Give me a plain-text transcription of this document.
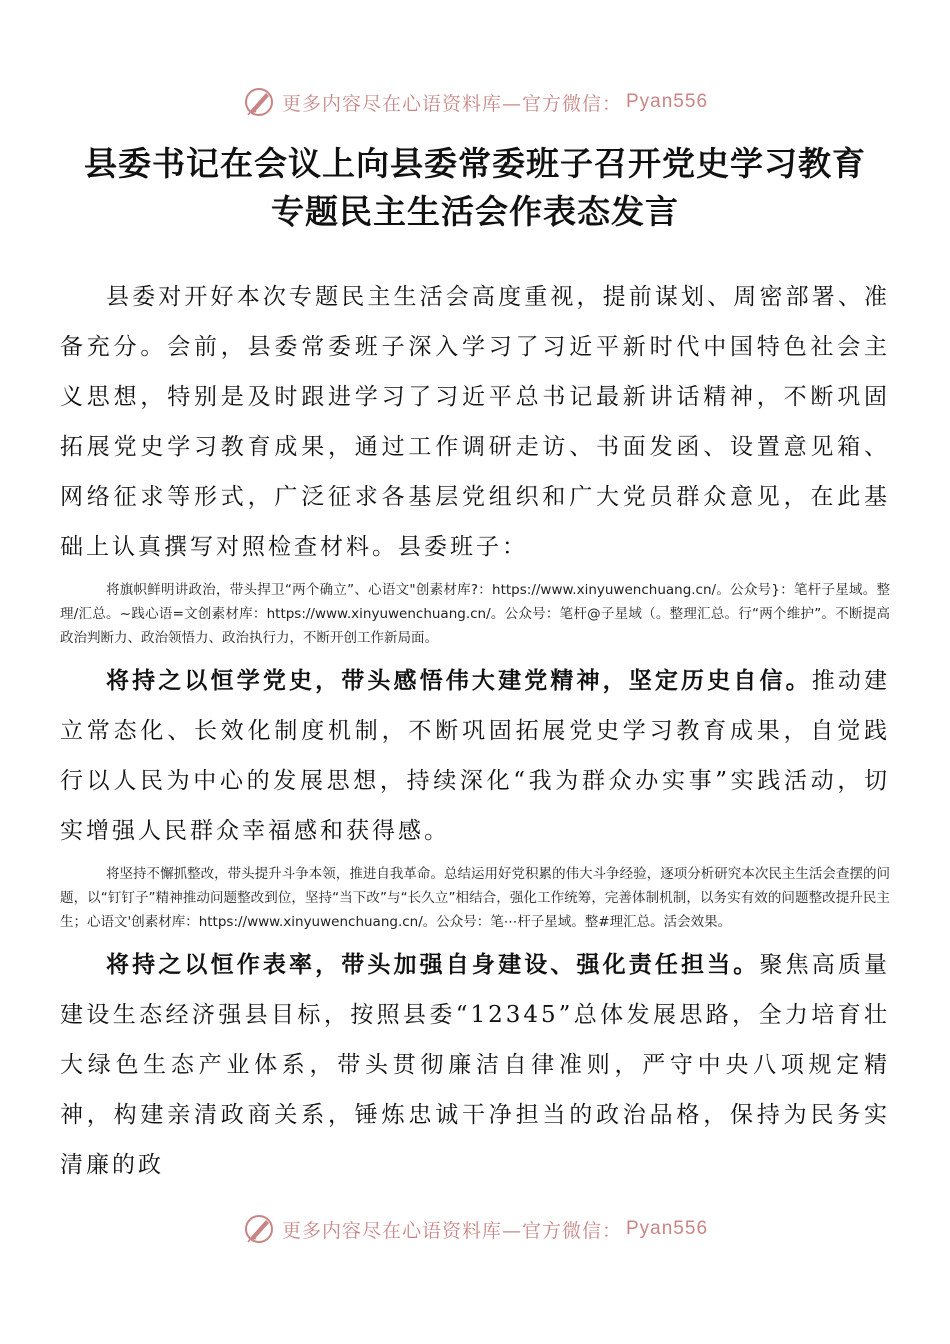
更多内容尽在心语资料库—官方微信： Pyan556
县委书记在会议上向县委常委班子召开党史学习教育
专题民主生活会作表态发言

县委对开好本次专题民主生活会高度重视，提前谋划、周密部署、准备充分。会前，县委常委班子深入学习了习近平新时代中国特色社会主义思想，特别是及时跟进学习了习近平总书记最新讲话精神，不断巩固拓展党史学习教育成果，通过工作调研走访、书面发函、设置意见箱、网络征求等形式，广泛征求各基层党组织和广大党员群众意见，在此基础上认真撰写对照检查材料。县委班子：

将旗帜鲜明讲政治，带头捍卫“两个确立”、心语文"创素材库?：https://www.xinyuwenchuang.cn/。公众号}：笔杆子星域。整理/汇总。~践心语=文创素材库：https://www.xinyuwenchuang.cn/。公众号：笔杆@子星域（。整理汇总。行“两个维护”。不断提高政治判断力、政治领悟力、政治执行力，不断开创工作新局面。

将持之以恒学党史，带头感悟伟大建党精神，坚定历史自信。推动建立常态化、长效化制度机制，不断巩固拓展党史学习教育成果，自觉践行以人民为中心的发展思想，持续深化“我为群众办实事”实践活动，切实增强人民群众幸福感和获得感。

将坚持不懈抓整改，带头提升斗争本领，推进自我革命。总结运用好党积累的伟大斗争经验，逐项分析研究本次民主生活会查摆的问题，以“钉钉子”精神推动问题整改到位，坚持“当下改”与“长久立”相结合，强化工作统筹，完善体制机制，以务实有效的问题整改提升民主生；心语文'创素材库：https://www.xinyuwenchuang.cn/。公众号：笔⋯杆子星域。整#理汇总。活会效果。

将持之以恒作表率，带头加强自身建设、强化责任担当。聚焦高质量建设生态经济强县目标，按照县委“12345”总体发展思路，全力培育壮大绿色生态产业体系，带头贯彻廉洁自律准则，严守中央八项规定精神，构建亲清政商关系，锤炼忠诚干净担当的政治品格，保持为民务实清廉的政

更多内容尽在心语资料库—官方微信： Pyan556
